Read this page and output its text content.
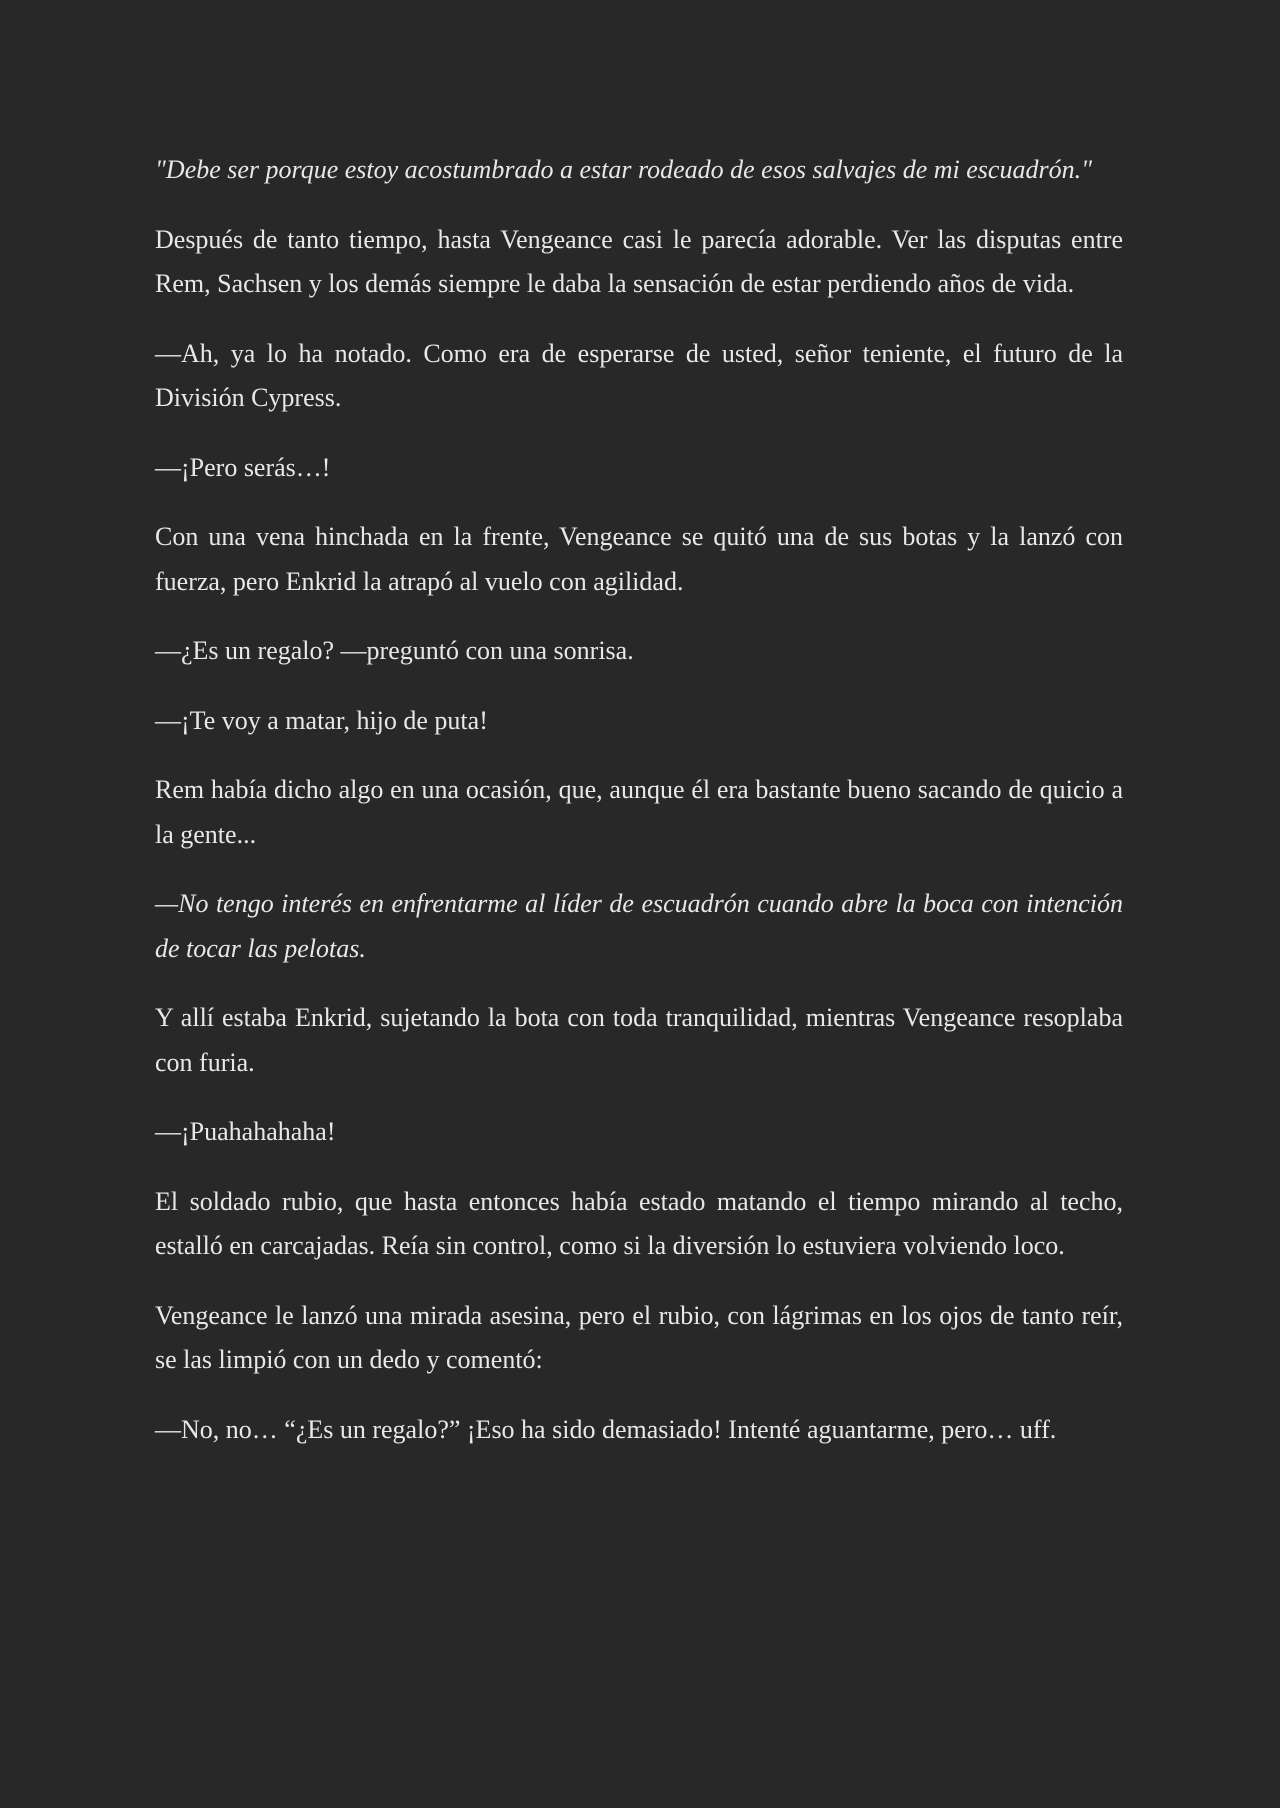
"Debe ser porque estoy acostumbrado a estar rodeado de esos salvajes de mi escuadrón."

Después de tanto tiempo, hasta Vengeance casi le parecía adorable. Ver las disputas entre Rem, Sachsen y los demás siempre le daba la sensación de estar perdiendo años de vida.

—Ah, ya lo ha notado. Como era de esperarse de usted, señor teniente, el futuro de la División Cypress.

—¡Pero serás…!

Con una vena hinchada en la frente, Vengeance se quitó una de sus botas y la lanzó con fuerza, pero Enkrid la atrapó al vuelo con agilidad.

—¿Es un regalo? —preguntó con una sonrisa.

—¡Te voy a matar, hijo de puta!

Rem había dicho algo en una ocasión, que, aunque él era bastante bueno sacando de quicio a la gente...

—No tengo interés en enfrentarme al líder de escuadrón cuando abre la boca con intención de tocar las pelotas.

Y allí estaba Enkrid, sujetando la bota con toda tranquilidad, mientras Vengeance resoplaba con furia.

—¡Puahahahaha!

El soldado rubio, que hasta entonces había estado matando el tiempo mirando al techo, estalló en carcajadas. Reía sin control, como si la diversión lo estuviera volviendo loco.

Vengeance le lanzó una mirada asesina, pero el rubio, con lágrimas en los ojos de tanto reír, se las limpió con un dedo y comentó:

—No, no… “¿Es un regalo?” ¡Eso ha sido demasiado! Intenté aguantarme, pero… uff.
